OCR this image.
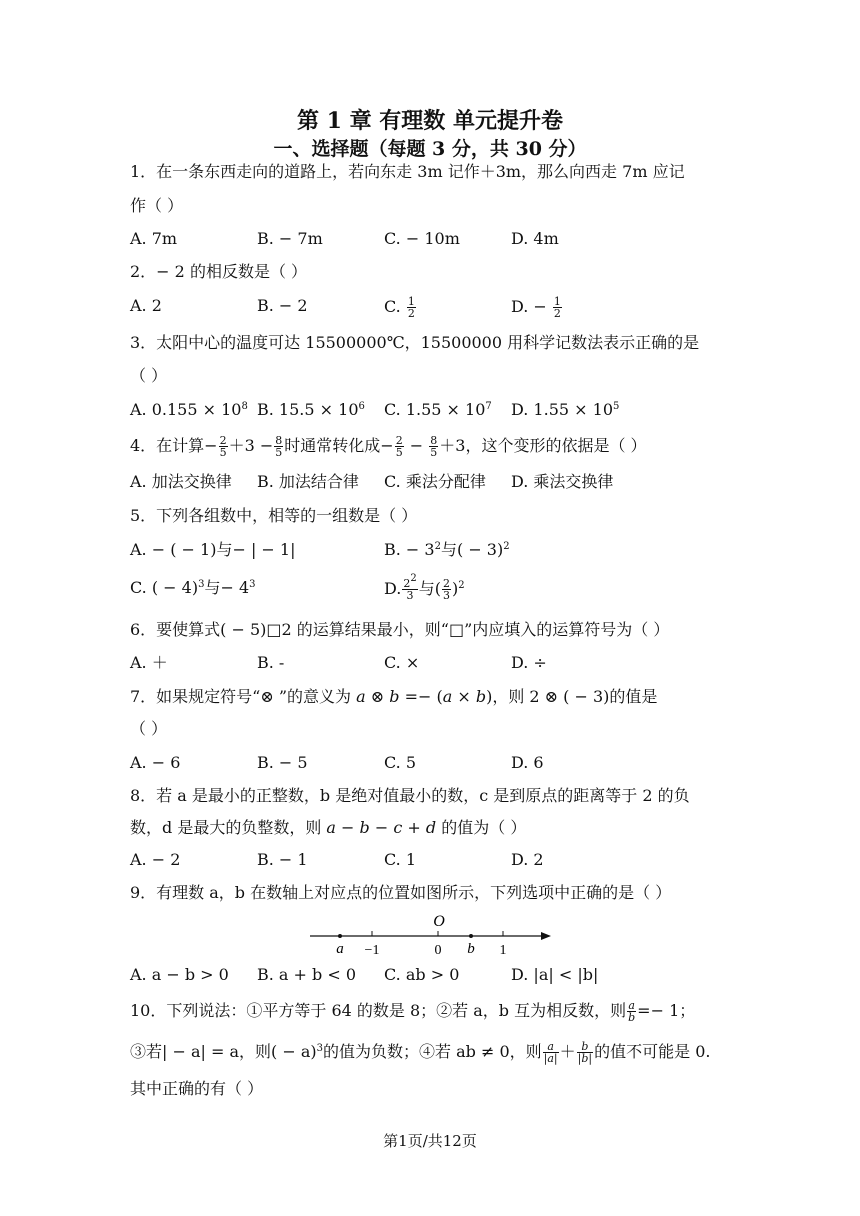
第 1 章 有理数 单元提升卷
一、选择题（每题 3 分，共 30 分）
1．在一条东西走向的道路上，若向东走 3m 记作＋3m，那么向西走 7m 应记
作（ ）
A. 7m	B. − 7m	C. − 10m	D. 4m
2．− 2 的相反数是（ ）
A. 2	B. − 2	C. $\frac{1}{2}$	D. − $\frac{1}{2}$
3．太阳中心的温度可达 15500000℃，15500000 用科学记数法表示正确的是
（ ）
A. $0.155 \times 10^8$ B. $15.5 \times 10^6$ C. $1.55 \times 10^7$ D. $1.55 \times 10^5$
4．在计算− $\frac{2}{5} +3 - \frac{8}{5}$ 时通常转化成− $\frac{2}{5} - \frac{8}{5} +3$，这个变形的依据是（ ）
A. 加法交换律 B. 加法结合律 C. 乘法分配律 D. 乘法交换律
5．下列各组数中，相等的一组数是（ ）
A. − ( − 1)与− | − 1|	B. − $3^2$与( − 3)$^2$
C. ( − 4)$^3$与− $4^3$	D. $\frac{2^2}{3}$ 与( $\frac{2}{3} )^2$
6．要使算式( − 5)□2 的运算结果最小，则“□”内应填入的运算符号为（ ）
A. ＋	B. -	C. ×	D. ÷
7．如果规定符号“⊗ ”的意义为 a ⊗ b =− (a × b)，则 2 ⊗ ( − 3)的值是
（ ）
A. − 6	B. − 5	C. 5	D. 6
8．若 a 是最小的正整数，b 是绝对值最小的数，c 是到原点的距离等于 2 的负
数，d 是最大的负整数，则 a − b − c + d 的值为（ ）
A. − 2	B. − 1	C. 1	D. 2
9．有理数 a，b 在数轴上对应点的位置如图所示，下列选项中正确的是（ ）
O
a −1	0 b 1
A. a − b > 0 B. a + b < 0 C. ab > 0	D. |a| < |b|
10．下列说法：①平方等于 64 的数是 8；②若 a，b 互为相反数，则 $\frac{a}{b} =- 1$；
③若| − a| = a，则( − a)$^3$的值为负数；④若 ab ≠ 0，则 $\frac{a}{|a|} + \frac{b}{|b|}$ 的值不可能是 0.
其中正确的有（ ）
第1页/共12页
